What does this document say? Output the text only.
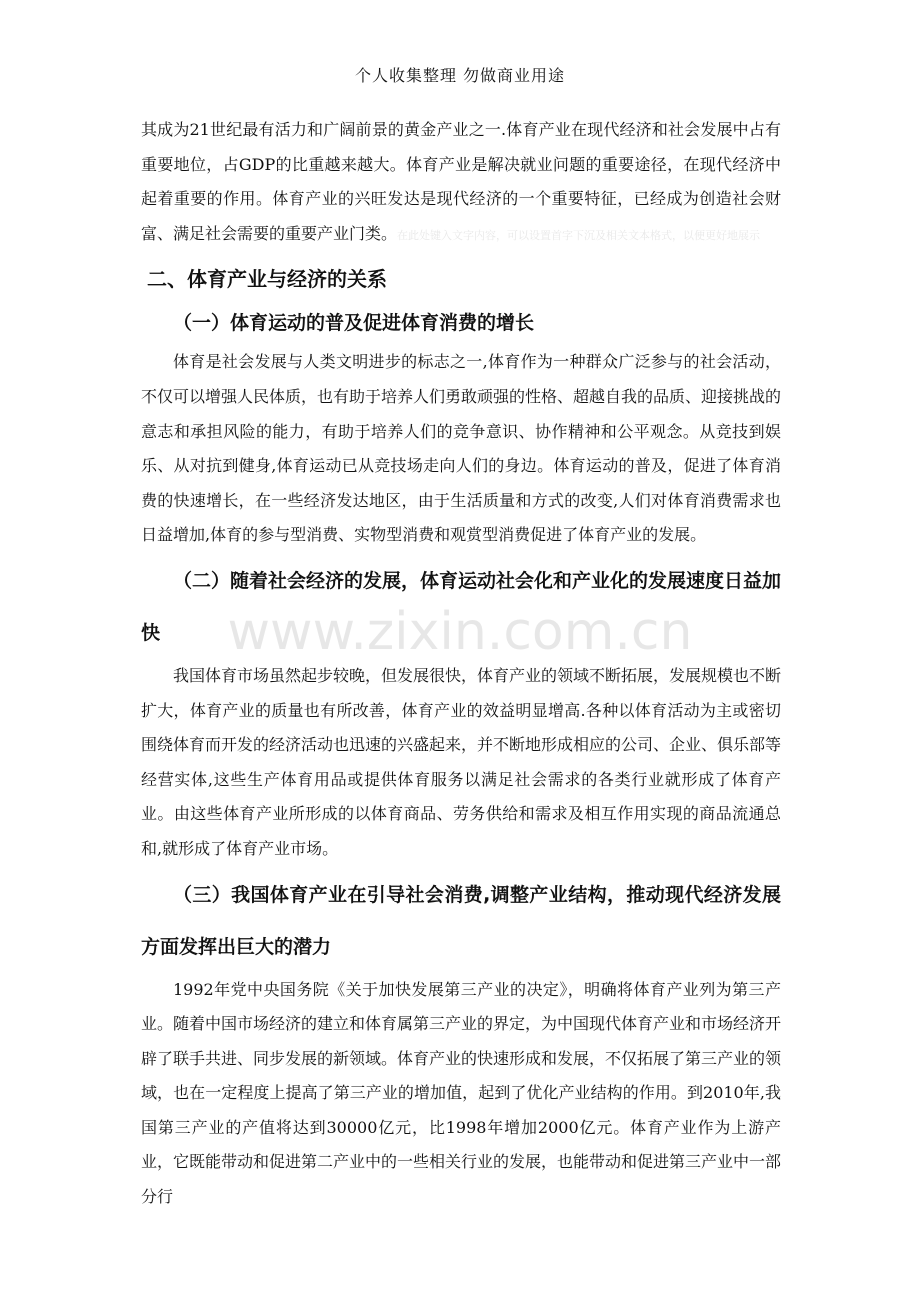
个人收集整理 勿做商业用途

其成为21世纪最有活力和广阔前景的黄金产业之一.体育产业在现代经济和社会发展中占有重要地位，占GDP的比重越来越大。体育产业是解决就业问题的重要途径，在现代经济中起着重要的作用。体育产业的兴旺发达是现代经济的一个重要特征，已经成为创造社会财富、满足社会需要的重要产业门类。在此处键入文字内容，可以设置首字下沉及相关文本格式，以便更好地展示

二、体育产业与经济的关系
（一）体育运动的普及促进体育消费的增长

体育是社会发展与人类文明进步的标志之一,体育作为一种群众广泛参与的社会活动，不仅可以增强人民体质，也有助于培养人们勇敢顽强的性格、超越自我的品质、迎接挑战的意志和承担风险的能力，有助于培养人们的竞争意识、协作精神和公平观念。从竞技到娱乐、从对抗到健身,体育运动已从竞技场走向人们的身边。体育运动的普及，促进了体育消费的快速增长，在一些经济发达地区，由于生活质量和方式的改变,人们对体育消费需求也日益增加,体育的参与型消费、实物型消费和观赏型消费促进了体育产业的发展。

（二）随着社会经济的发展，体育运动社会化和产业化的发展速度日益加快

我国体育市场虽然起步较晚，但发展很快，体育产业的领域不断拓展，发展规模也不断扩大，体育产业的质量也有所改善，体育产业的效益明显增高.各种以体育活动为主或密切围绕体育而开发的经济活动也迅速的兴盛起来，并不断地形成相应的公司、企业、俱乐部等经营实体,这些生产体育用品或提供体育服务以满足社会需求的各类行业就形成了体育产业。由这些体育产业所形成的以体育商品、劳务供给和需求及相互作用实现的商品流通总和,就形成了体育产业市场。

（三）我国体育产业在引导社会消费,调整产业结构，推动现代经济发展方面发挥出巨大的潜力

1992年党中央国务院《关于加快发展第三产业的决定》，明确将体育产业列为第三产业。随着中国市场经济的建立和体育属第三产业的界定，为中国现代体育产业和市场经济开辟了联手共进、同步发展的新领域。体育产业的快速形成和发展，不仅拓展了第三产业的领域，也在一定程度上提高了第三产业的增加值，起到了优化产业结构的作用。到2010年,我国第三产业的产值将达到30000亿元，比1998年增加2000亿元。体育产业作为上游产业，它既能带动和促进第二产业中的一些相关行业的发展，也能带动和促进第三产业中一部分行

www.zixin.com.cn
